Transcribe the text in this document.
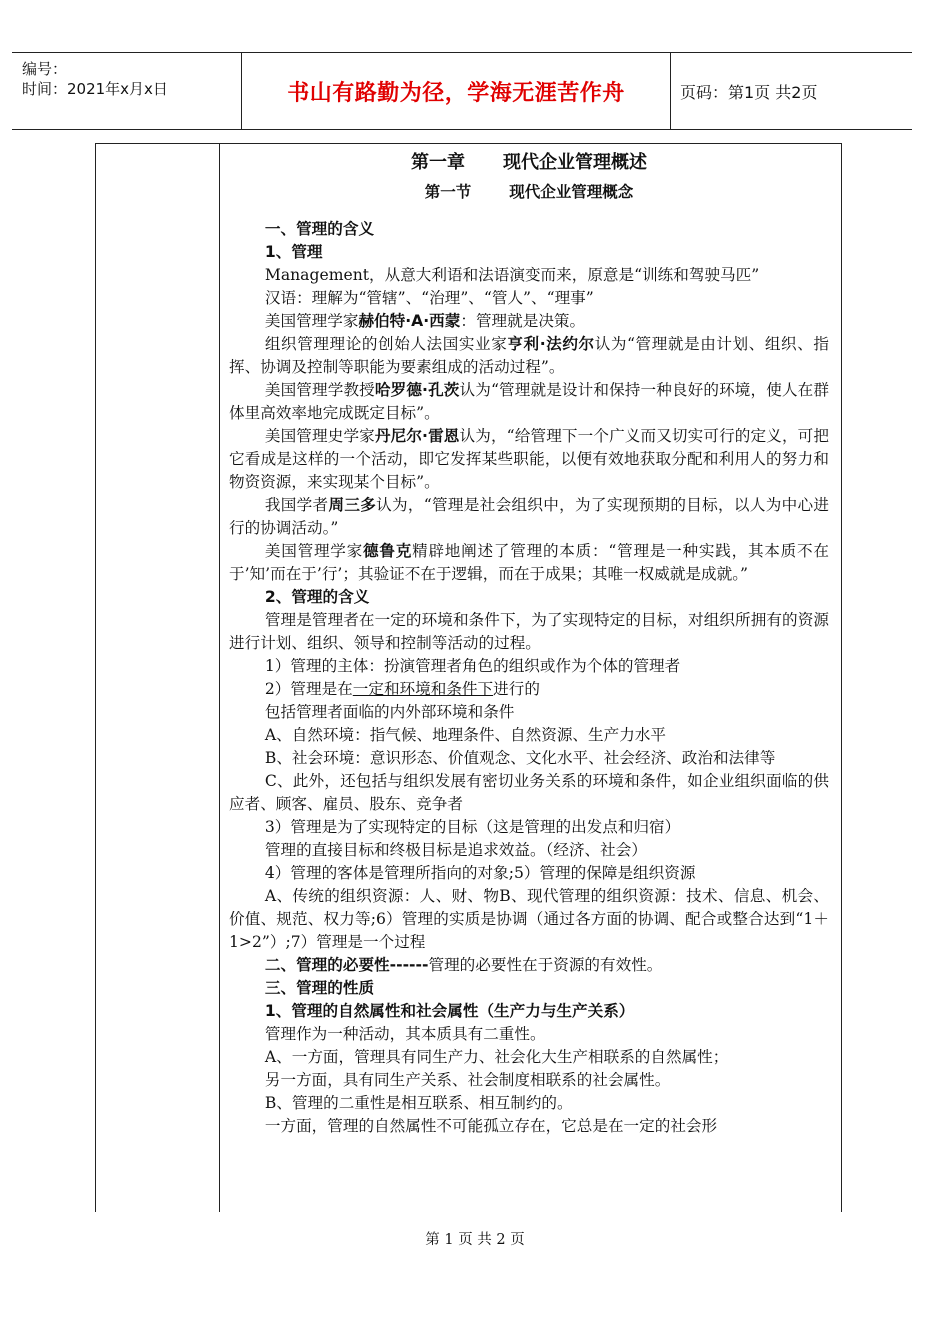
编号：
时间：2021年x月x日	书山有路勤为径，学海无涯苦作舟	页码：第1页 共2页
第一章 现代企业管理概述
第一节 现代企业管理概念

一、管理的含义

1、管理

Management，从意大利语和法语演变而来，原意是“训练和驾驶马匹”

汉语：理解为“管辖”、“治理”、“管人”、“理事”

美国管理学家赫伯特·A·西蒙：管理就是决策。

组织管理理论的创始人法国实业家亨利·法约尔认为“管理就是由计划、组织、指挥、协调及控制等职能为要素组成的活动过程”。

美国管理学教授哈罗德·孔茨认为“管理就是设计和保持一种良好的环境，使人在群体里高效率地完成既定目标”。

美国管理史学家丹尼尔·雷恩认为，“给管理下一个广义而又切实可行的定义，可把它看成是这样的一个活动，即它发挥某些职能，以便有效地获取分配和利用人的努力和物资资源，来实现某个目标”。

我国学者周三多认为，“管理是社会组织中，为了实现预期的目标，以人为中心进行的协调活动。”

美国管理学家德鲁克精辟地阐述了管理的本质：“管理是一种实践，其本质不在于’知’而在于’行’；其验证不在于逻辑，而在于成果；其唯一权威就是成就。”

2、管理的含义

管理是管理者在一定的环境和条件下，为了实现特定的目标，对组织所拥有的资源进行计划、组织、领导和控制等活动的过程。

1）管理的主体：扮演管理者角色的组织或作为个体的管理者

2）管理是在一定和环境和条件下进行的

包括管理者面临的内外部环境和条件

A、自然环境：指气候、地理条件、自然资源、生产力水平

B、社会环境：意识形态、价值观念、文化水平、社会经济、政治和法律等

C、此外，还包括与组织发展有密切业务关系的环境和条件，如企业组织面临的供应者、顾客、雇员、股东、竞争者

3）管理是为了实现特定的目标（这是管理的出发点和归宿）

管理的直接目标和终极目标是追求效益。（经济、社会）

4）管理的客体是管理所指向的对象;5）管理的保障是组织资源

A、传统的组织资源：人、财、物B、现代管理的组织资源：技术、信息、机会、价值、规范、权力等;6）管理的实质是协调（通过各方面的协调、配合或整合达到“1＋1>2”）;7）管理是一个过程

二、管理的必要性------管理的必要性在于资源的有效性。

三、管理的性质

1、管理的自然属性和社会属性（生产力与生产关系）

管理作为一种活动，其本质具有二重性。

A、一方面，管理具有同生产力、社会化大生产相联系的自然属性；

另一方面，具有同生产关系、社会制度相联系的社会属性。

B、管理的二重性是相互联系、相互制约的。

一方面，管理的自然属性不可能孤立存在，它总是在一定的社会形

第 1 页 共 2 页
